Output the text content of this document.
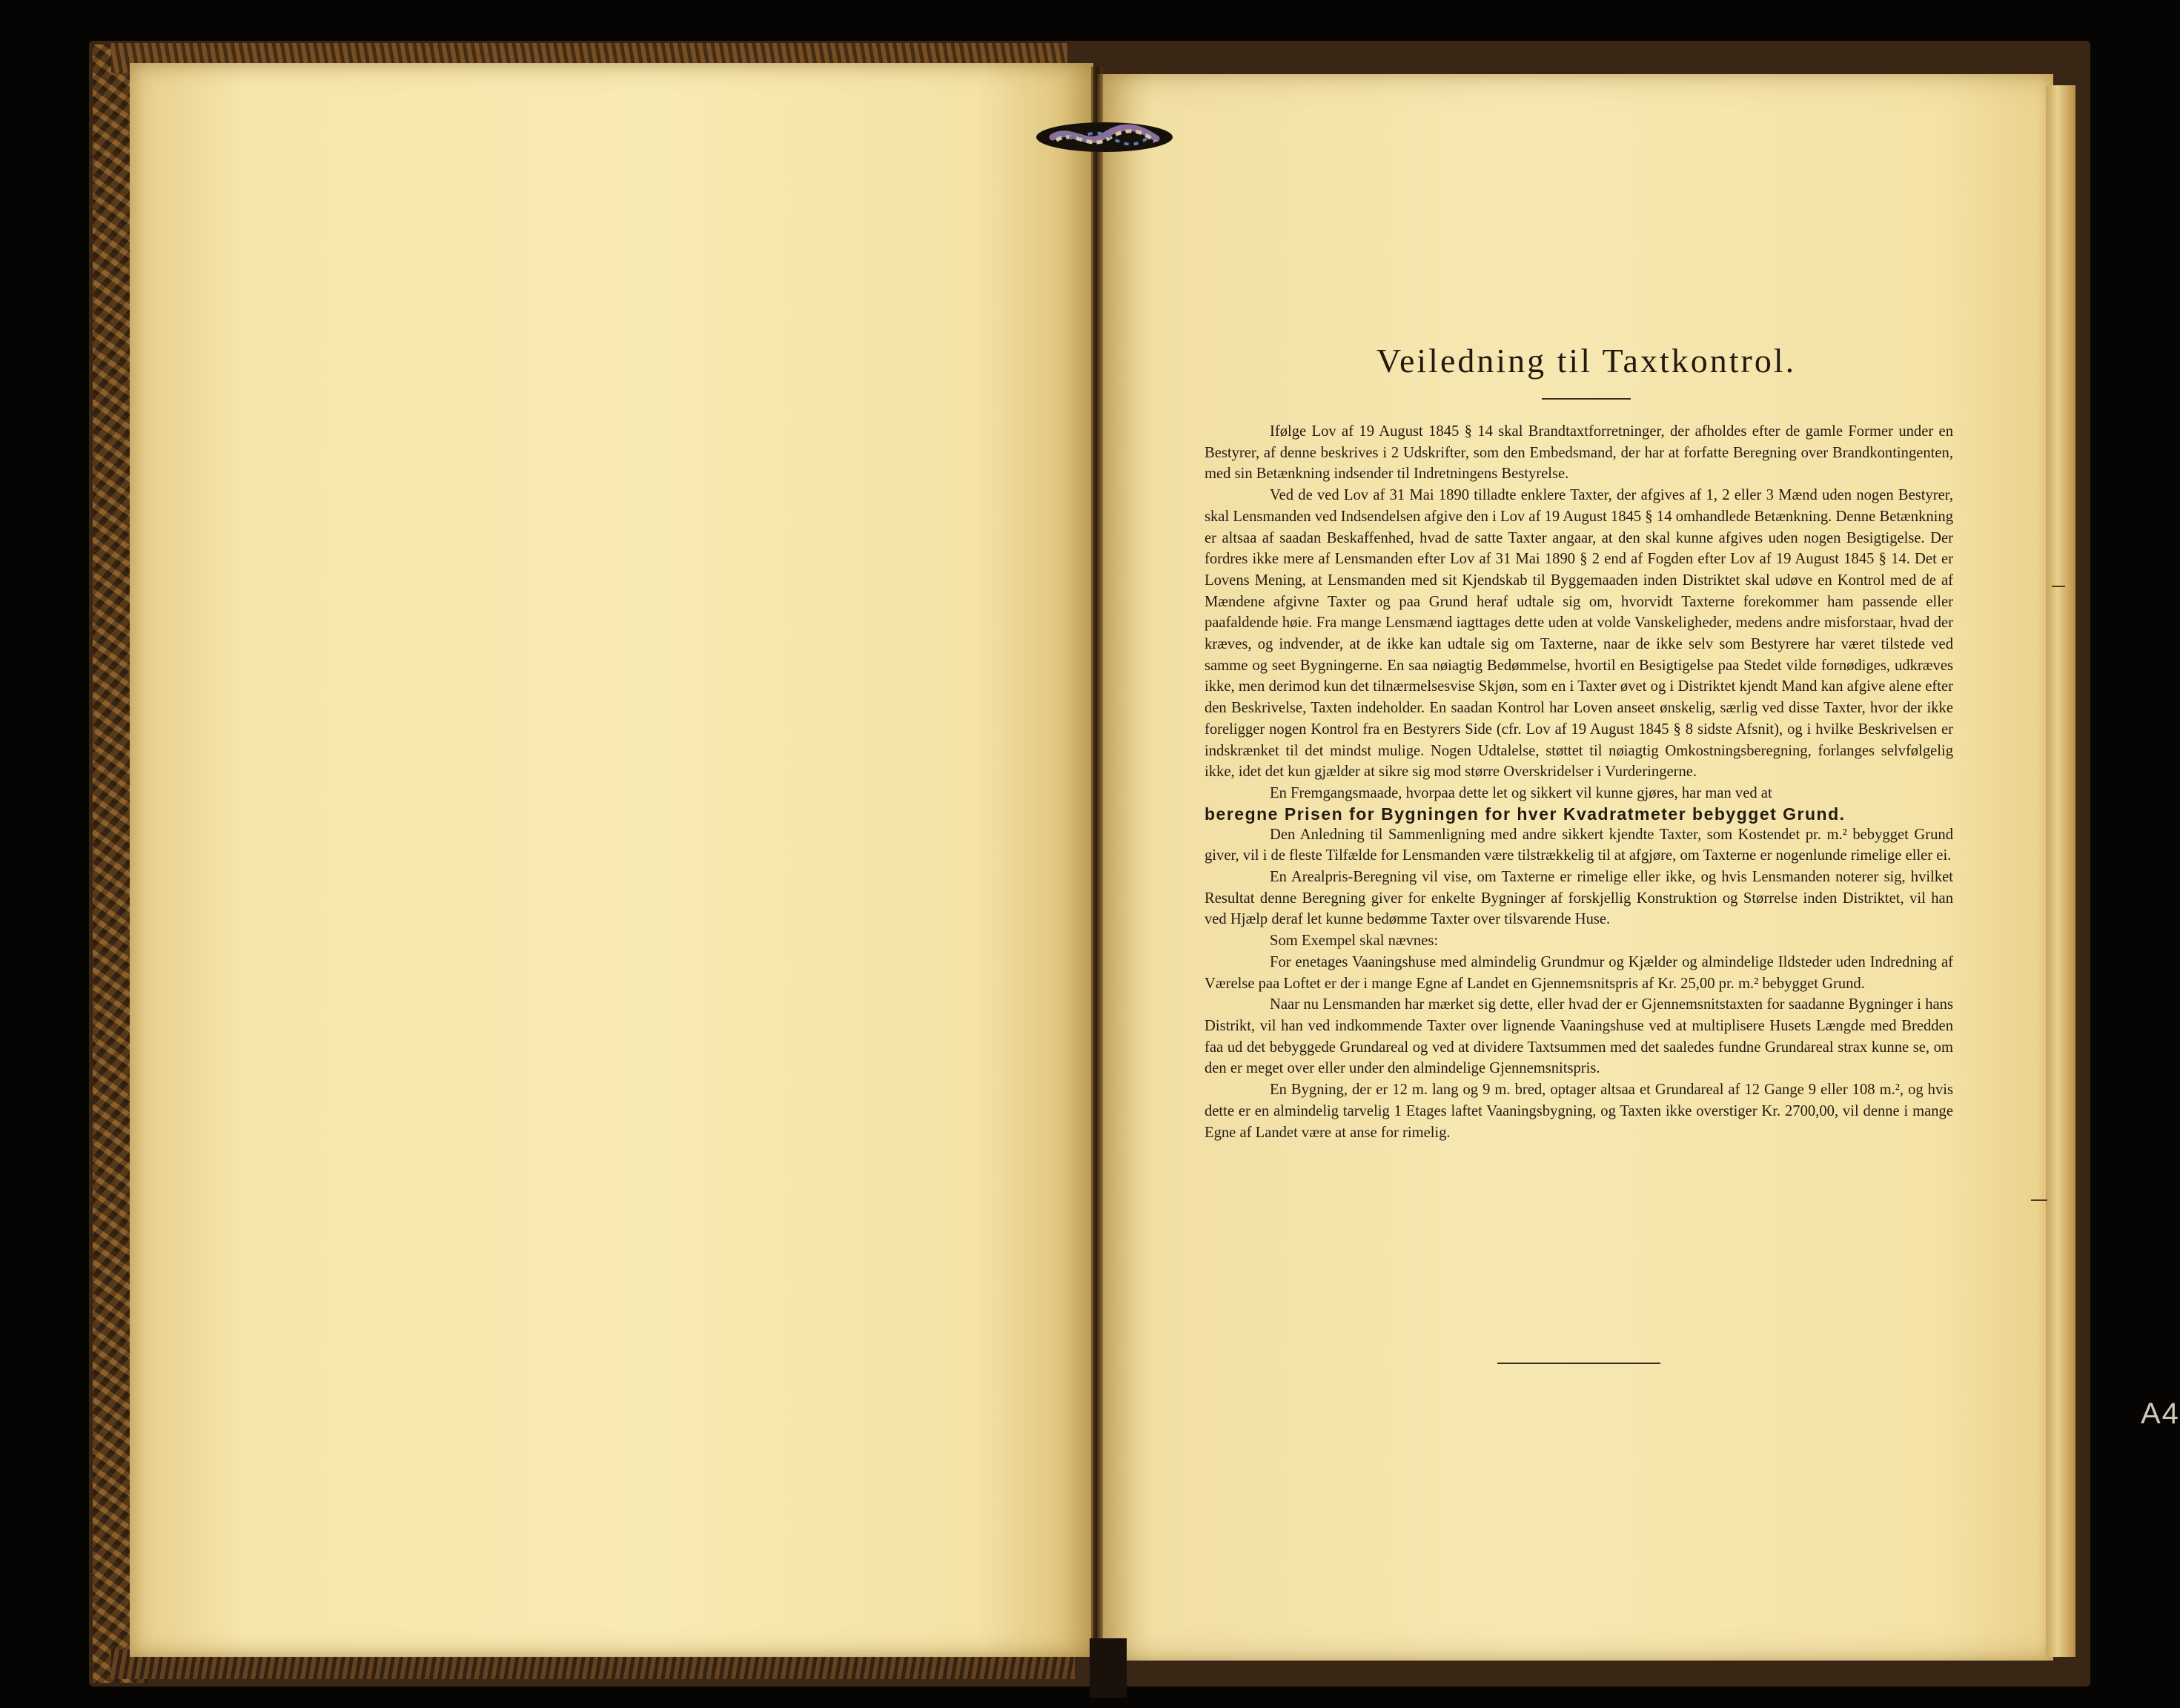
Veiledning til Taxtkontrol.

Ifølge Lov af 19 August 1845 § 14 skal Brandtaxtforretninger, der afholdes efter de gamle Former under en Bestyrer, af denne beskrives i 2 Udskrifter, som den Embedsmand, der har at forfatte Beregning over Brandkontingenten, med sin Betænkning indsender til Indretningens Bestyrelse.

Ved de ved Lov af 31 Mai 1890 tilladte enklere Taxter, der afgives af 1, 2 eller 3 Mænd uden nogen Bestyrer, skal Lensmanden ved Indsendelsen afgive den i Lov af 19 August 1845 § 14 omhandlede Betænkning. Denne Betænkning er altsaa af saadan Beskaffenhed, hvad de satte Taxter angaar, at den skal kunne afgives uden nogen Besigtigelse. Der fordres ikke mere af Lensmanden efter Lov af 31 Mai 1890 § 2 end af Fogden efter Lov af 19 August 1845 § 14. Det er Lovens Mening, at Lensmanden med sit Kjendskab til Byggemaaden inden Distriktet skal udøve en Kontrol med de af Mændene afgivne Taxter og paa Grund heraf udtale sig om, hvorvidt Taxterne forekommer ham passende eller paafaldende høie. Fra mange Lensmænd iagttages dette uden at volde Vanskeligheder, medens andre misforstaar, hvad der kræves, og indvender, at de ikke kan udtale sig om Taxterne, naar de ikke selv som Bestyrere har været tilstede ved samme og seet Bygningerne. En saa nøiagtig Bedømmelse, hvortil en Besigtigelse paa Stedet vilde fornødiges, udkræves ikke, men derimod kun det tilnærmelsesvise Skjøn, som en i Taxter øvet og i Distriktet kjendt Mand kan afgive alene efter den Beskrivelse, Taxten indeholder. En saadan Kontrol har Loven anseet ønskelig, særlig ved disse Taxter, hvor der ikke foreligger nogen Kontrol fra en Bestyrers Side (cfr. Lov af 19 August 1845 § 8 sidste Afsnit), og i hvilke Beskrivelsen er indskrænket til det mindst mulige. Nogen Udtalelse, støttet til nøiagtig Omkostningsberegning, forlanges selvfølgelig ikke, idet det kun gjælder at sikre sig mod større Overskridelser i Vurderingerne.

En Fremgangsmaade, hvorpaa dette let og sikkert vil kunne gjøres, har man ved at

beregne Prisen for Bygningen for hver Kvadratmeter bebygget Grund.

Den Anledning til Sammenligning med andre sikkert kjendte Taxter, som Kostendet pr. m.² bebygget Grund giver, vil i de fleste Tilfælde for Lensmanden være tilstrækkelig til at afgjøre, om Taxterne er nogenlunde rimelige eller ei.

En Arealpris-Beregning vil vise, om Taxterne er rimelige eller ikke, og hvis Lensmanden noterer sig, hvilket Resultat denne Beregning giver for enkelte Bygninger af forskjellig Konstruktion og Størrelse inden Distriktet, vil han ved Hjælp deraf let kunne bedømme Taxter over tilsvarende Huse.

Som Exempel skal nævnes:

For enetages Vaaningshuse med almindelig Grundmur og Kjælder og almindelige Ildsteder uden Indredning af Værelse paa Loftet er der i mange Egne af Landet en Gjennemsnitspris af Kr. 25,00 pr. m.² bebygget Grund.

Naar nu Lensmanden har mærket sig dette, eller hvad der er Gjennemsnitstaxten for saadanne Bygninger i hans Distrikt, vil han ved indkommende Taxter over lignende Vaaningshuse ved at multiplisere Husets Længde med Bredden faa ud det bebyggede Grundareal og ved at dividere Taxtsummen med det saaledes fundne Grundareal strax kunne se, om den er meget over eller under den almindelige Gjennemsnitspris.

En Bygning, der er 12 m. lang og 9 m. bred, optager altsaa et Grundareal af 12 Gange 9 eller 108 m.², og hvis dette er en almindelig tarvelig 1 Etages laftet Vaaningsbygning, og Taxten ikke overstiger Kr. 2700,00, vil denne i mange Egne af Landet være at anse for rimelig.

A4
